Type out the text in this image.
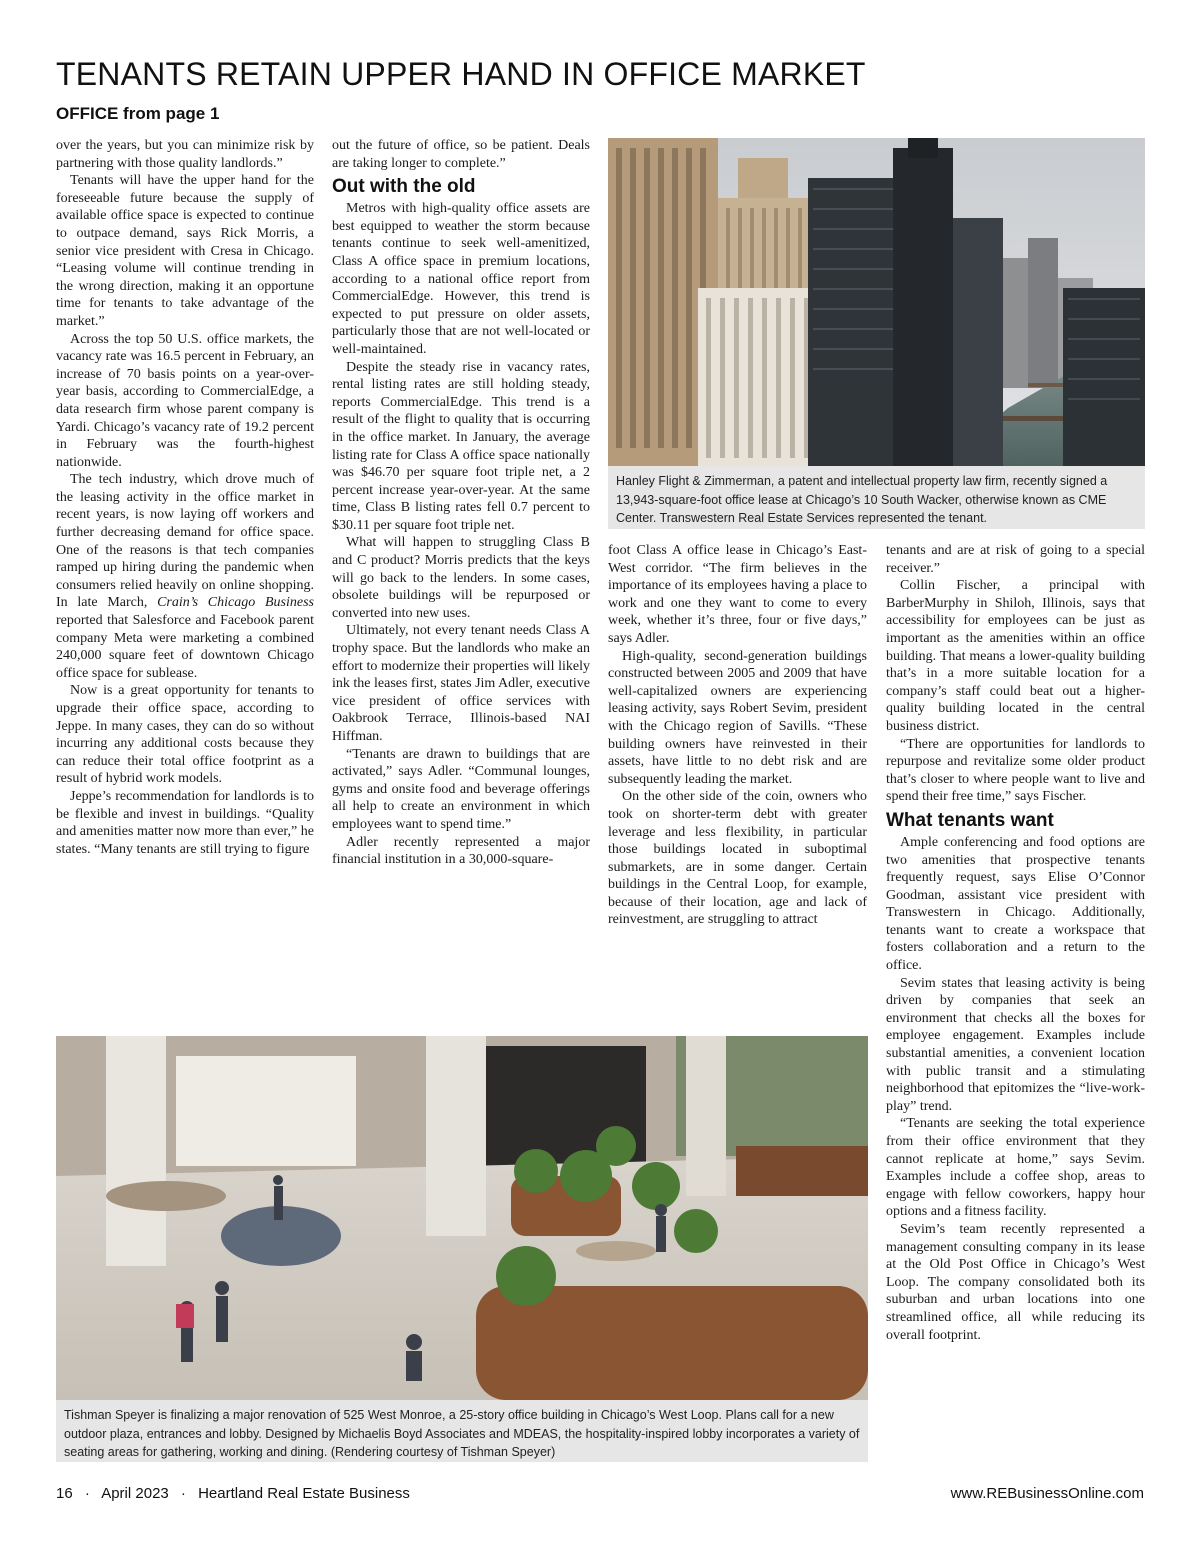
TENANTS RETAIN UPPER HAND IN OFFICE MARKET
OFFICE from page 1

over the years, but you can minimize risk by partnering with those quality landlords.”

Tenants will have the upper hand for the foreseeable future because the supply of available office space is expected to continue to outpace demand, says Rick Morris, a senior vice president with Cresa in Chicago. “Leasing volume will continue trending in the wrong direction, making it an opportune time for tenants to take advantage of the market.”

Across the top 50 U.S. office markets, the vacancy rate was 16.5 percent in February, an increase of 70 basis points on a year-over-year basis, according to CommercialEdge, a data research firm whose parent company is Yardi. Chicago’s vacancy rate of 19.2 percent in February was the fourth-highest nationwide.

The tech industry, which drove much of the leasing activity in the office market in recent years, is now laying off workers and further decreasing demand for office space. One of the reasons is that tech companies ramped up hiring during the pandemic when consumers relied heavily on online shopping. In late March, Crain’s Chicago Business reported that Salesforce and Facebook parent company Meta were marketing a combined 240,000 square feet of downtown Chicago office space for sublease.

Now is a great opportunity for tenants to upgrade their office space, according to Jeppe. In many cases, they can do so without incurring any additional costs because they can reduce their total office footprint as a result of hybrid work models.

Jeppe’s recommendation for landlords is to be flexible and invest in buildings. “Quality and amenities matter now more than ever,” he states. “Many tenants are still trying to figure

out the future of office, so be patient. Deals are taking longer to complete.”

Out with the old

Metros with high-quality office assets are best equipped to weather the storm because tenants continue to seek well-amenitized, Class A office space in premium locations, according to a national office report from CommercialEdge. However, this trend is expected to put pressure on older assets, particularly those that are not well-located or well-maintained.

Despite the steady rise in vacancy rates, rental listing rates are still holding steady, reports CommercialEdge. This trend is a result of the flight to quality that is occurring in the office market. In January, the average listing rate for Class A office space nationally was $46.70 per square foot triple net, a 2 percent increase year-over-year. At the same time, Class B listing rates fell 0.7 percent to $30.11 per square foot triple net.

What will happen to struggling Class B and C product? Morris predicts that the keys will go back to the lenders. In some cases, obsolete buildings will be repurposed or converted into new uses.

Ultimately, not every tenant needs Class A trophy space. But the landlords who make an effort to modernize their properties will likely ink the leases first, states Jim Adler, executive vice president of office services with Oakbrook Terrace, Illinois-based NAI Hiffman.

“Tenants are drawn to buildings that are activated,” says Adler. “Communal lounges, gyms and onsite food and beverage offerings all help to create an environment in which employees want to spend time.”

Adler recently represented a major financial institution in a 30,000-square-

Hanley Flight & Zimmerman, a patent and intellectual property law firm, recently signed a 13,943-square-foot office lease at Chicago’s 10 South Wacker, otherwise known as CME Center. Transwestern Real Estate Services represented the tenant.

foot Class A office lease in Chicago’s East-West corridor. “The firm believes in the importance of its employees having a place to work and one they want to come to every week, whether it’s three, four or five days,” says Adler.

High-quality, second-generation buildings constructed between 2005 and 2009 that have well-capitalized owners are experiencing leasing activity, says Robert Sevim, president with the Chicago region of Savills. “These building owners have reinvested in their assets, have little to no debt risk and are subsequently leading the market.

On the other side of the coin, owners who took on shorter-term debt with greater leverage and less flexibility, in particular those buildings located in suboptimal submarkets, are in some danger. Certain buildings in the Central Loop, for example, because of their location, age and lack of reinvestment, are struggling to attract

tenants and are at risk of going to a special receiver.”

Collin Fischer, a principal with BarberMurphy in Shiloh, Illinois, says that accessibility for employees can be just as important as the amenities within an office building. That means a lower-quality building that’s in a more suitable location for a company’s staff could beat out a higher-quality building located in the central business district.

“There are opportunities for landlords to repurpose and revitalize some older product that’s closer to where people want to live and spend their free time,” says Fischer.

What tenants want

Ample conferencing and food options are two amenities that prospective tenants frequently request, says Elise O’Connor Goodman, assistant vice president with Transwestern in Chicago. Additionally, tenants want to create a workspace that fosters collaboration and a return to the office.

Sevim states that leasing activity is being driven by companies that seek an environment that checks all the boxes for employee engagement. Examples include substantial amenities, a convenient location with public transit and a stimulating neighborhood that epitomizes the “live-work-play” trend.

“Tenants are seeking the total experience from their office environment that they cannot replicate at home,” says Sevim. Examples include a coffee shop, areas to engage with fellow coworkers, happy hour options and a fitness facility.

Sevim’s team recently represented a management consulting company in its lease at the Old Post Office in Chicago’s West Loop. The company consolidated both its suburban and urban locations into one streamlined office, all while reducing its overall footprint.

Tishman Speyer is finalizing a major renovation of 525 West Monroe, a 25-story office building in Chicago’s West Loop. Plans call for a new outdoor plaza, entrances and lobby. Designed by Michaelis Boyd Associates and MDEAS, the hospitality-inspired lobby incorporates a variety of seating areas for gathering, working and dining. (Rendering courtesy of Tishman Speyer)
16 · April 2023 · Heartland Real Estate Business	www.REBusinessOnline.com
